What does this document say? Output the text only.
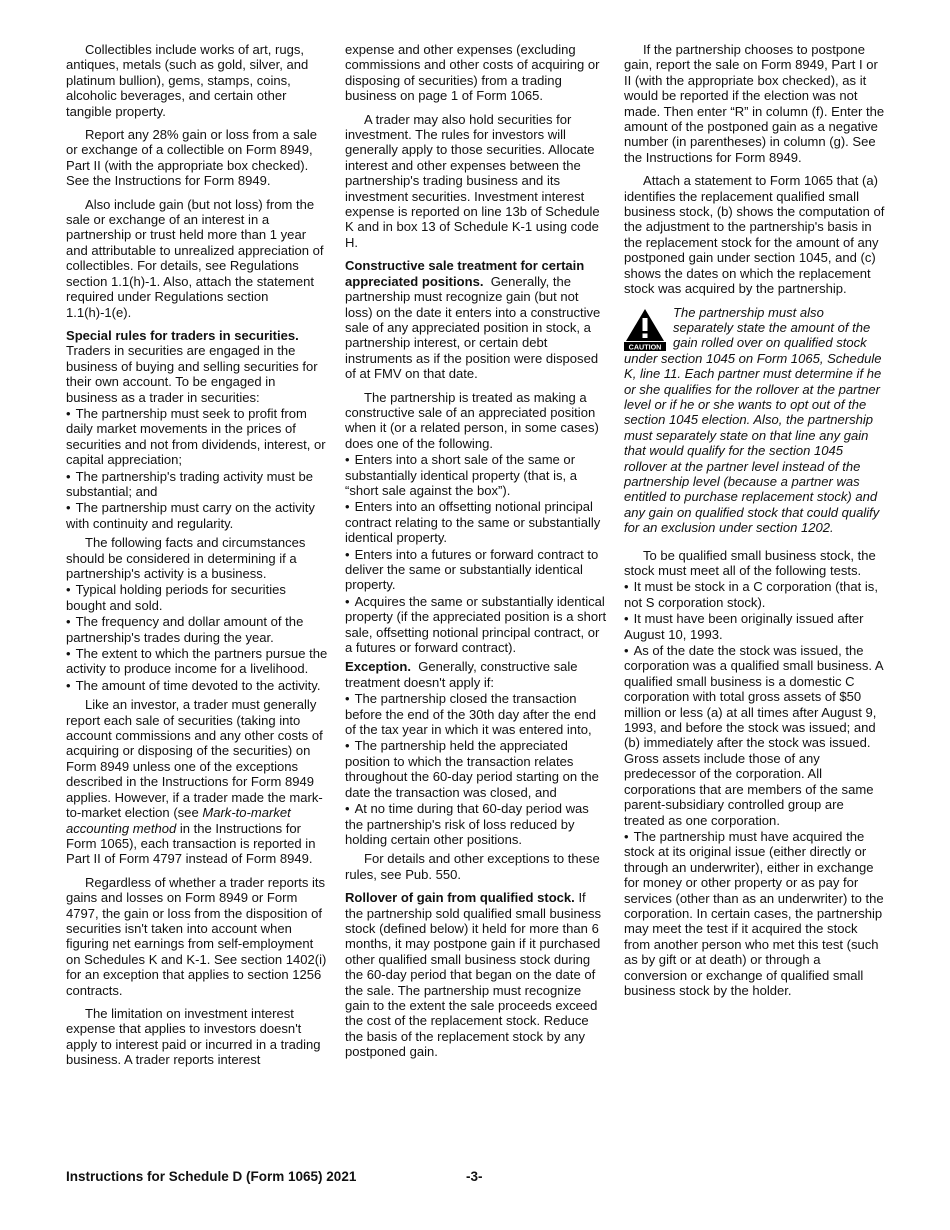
Collectibles include works of art, rugs, antiques, metals (such as gold, silver, and platinum bullion), gems, stamps, coins, alcoholic beverages, and certain other tangible property.

Report any 28% gain or loss from a sale or exchange of a collectible on Form 8949, Part II (with the appropriate box checked). See the Instructions for Form 8949.

Also include gain (but not loss) from the sale or exchange of an interest in a partnership or trust held more than 1 year and attributable to unrealized appreciation of collectibles. For details, see Regulations section 1.1(h)-1. Also, attach the statement required under Regulations section 1.1(h)-1(e).

Special rules for traders in securities. Traders in securities are engaged in the business of buying and selling securities for their own account. To be engaged in business as a trader in securities:

• The partnership must seek to profit from daily market movements in the prices of securities and not from dividends, interest, or capital appreciation;
• The partnership's trading activity must be substantial; and
• The partnership must carry on the activity with continuity and regularity.

The following facts and circumstances should be considered in determining if a partnership's activity is a business.

• Typical holding periods for securities bought and sold.
• The frequency and dollar amount of the partnership's trades during the year.
• The extent to which the partners pursue the activity to produce income for a livelihood.
• The amount of time devoted to the activity.

Like an investor, a trader must generally report each sale of securities (taking into account commissions and any other costs of acquiring or disposing of the securities) on Form 8949 unless one of the exceptions described in the Instructions for Form 8949 applies. However, if a trader made the mark-to-market election (see Mark-to-market accounting method in the Instructions for Form 1065), each transaction is reported in Part II of Form 4797 instead of Form 8949.

Regardless of whether a trader reports its gains and losses on Form 8949 or Form 4797, the gain or loss from the disposition of securities isn't taken into account when figuring net earnings from self-employment on Schedules K and K-1. See section 1402(i) for an exception that applies to section 1256 contracts.

The limitation on investment interest expense that applies to investors doesn't apply to interest paid or incurred in a trading business. A trader reports interest

expense and other expenses (excluding commissions and other costs of acquiring or disposing of securities) from a trading business on page 1 of Form 1065.

A trader may also hold securities for investment. The rules for investors will generally apply to those securities. Allocate interest and other expenses between the partnership's trading business and its investment securities. Investment interest expense is reported on line 13b of Schedule K and in box 13 of Schedule K-1 using code H.

Constructive sale treatment for certain appreciated positions. Generally, the partnership must recognize gain (but not loss) on the date it enters into a constructive sale of any appreciated position in stock, a partnership interest, or certain debt instruments as if the position were disposed of at FMV on that date.

The partnership is treated as making a constructive sale of an appreciated position when it (or a related person, in some cases) does one of the following.

• Enters into a short sale of the same or substantially identical property (that is, a “short sale against the box”).
• Enters into an offsetting notional principal contract relating to the same or substantially identical property.
• Enters into a futures or forward contract to deliver the same or substantially identical property.
• Acquires the same or substantially identical property (if the appreciated position is a short sale, offsetting notional principal contract, or a futures or forward contract).

Exception. Generally, constructive sale treatment doesn't apply if:

• The partnership closed the transaction before the end of the 30th day after the end of the tax year in which it was entered into,
• The partnership held the appreciated position to which the transaction relates throughout the 60-day period starting on the date the transaction was closed, and
• At no time during that 60-day period was the partnership's risk of loss reduced by holding certain other positions.

For details and other exceptions to these rules, see Pub. 550.

Rollover of gain from qualified stock. If the partnership sold qualified small business stock (defined below) it held for more than 6 months, it may postpone gain if it purchased other qualified small business stock during the 60-day period that began on the date of the sale. The partnership must recognize gain to the extent the sale proceeds exceed the cost of the replacement stock. Reduce the basis of the replacement stock by any postponed gain.

If the partnership chooses to postpone gain, report the sale on Form 8949, Part I or II (with the appropriate box checked), as it would be reported if the election was not made. Then enter “R” in column (f). Enter the amount of the postponed gain as a negative number (in parentheses) in column (g). See the Instructions for Form 8949.

Attach a statement to Form 1065 that (a) identifies the replacement qualified small business stock, (b) shows the computation of the adjustment to the partnership's basis in the replacement stock for the amount of any postponed gain under section 1045, and (c) shows the dates on which the replacement stock was acquired by the partnership.

CAUTION
The partnership must also separately state the amount of the gain rolled over on qualified stock under section 1045 on Form 1065, Schedule K, line 11. Each partner must determine if he or she qualifies for the rollover at the partner level or if he or she wants to opt out of the section 1045 election. Also, the partnership must separately state on that line any gain that would qualify for the section 1045 rollover at the partner level instead of the partnership level (because a partner was entitled to purchase replacement stock) and any gain on qualified stock that could qualify for an exclusion under section 1202.

To be qualified small business stock, the stock must meet all of the following tests.

• It must be stock in a C corporation (that is, not S corporation stock).
• It must have been originally issued after August 10, 1993.
• As of the date the stock was issued, the corporation was a qualified small business. A qualified small business is a domestic C corporation with total gross assets of $50 million or less (a) at all times after August 9, 1993, and before the stock was issued; and (b) immediately after the stock was issued. Gross assets include those of any predecessor of the corporation. All corporations that are members of the same parent-subsidiary controlled group are treated as one corporation.
• The partnership must have acquired the stock at its original issue (either directly or through an underwriter), either in exchange for money or other property or as pay for services (other than as an underwriter) to the corporation. In certain cases, the partnership may meet the test if it acquired the stock from another person who met this test (such as by gift or at death) or through a conversion or exchange of qualified small business stock by the holder.
Instructions for Schedule D (Form 1065) 2021	-3-
